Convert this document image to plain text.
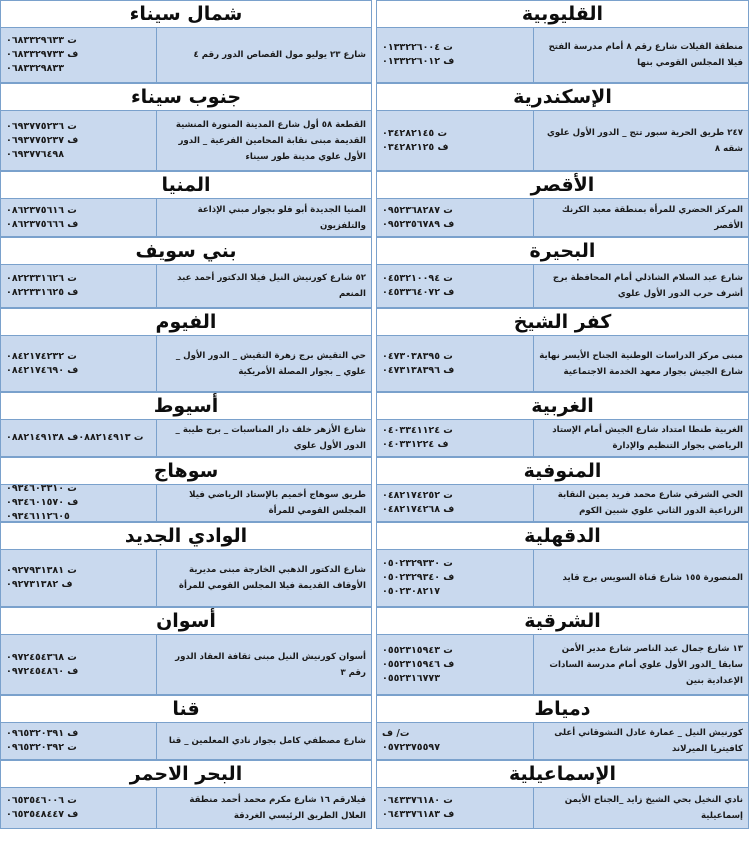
القليوبية
منطقة الفيلات شارع رقم ٨ أمام مدرسة الفتح فيلا المجلس القومي بنها
ت ٠١٣٣٢٢٦٠٠٤
ف ٠١٣٣٢٢٦٠١٢
الإسكندرية
٢٤٧ طريق الحرية سبور تتج _ الدور الأول علوي شقه ٨
ت ٠٣٤٢٨٢١٤٥
ف ٠٣٤٢٨٢١٢٥
الأقصر
المركز الحضري للمرأة بمنطقة معبد الكرنك الأقصر
ت ٠٩٥٢٣٦٨٢٨٧
ف ٠٩٥٢٣٥٦٧٨٩
البحيرة
شارع عبد السلام الشاذلي أمام المحافظة برج أشرف حرب الدور الأول علوي
ت ٠٤٥٣٢١٠٠٩٤
ف ٠٤٥٣٣٦٤٠٧٢
كفر الشيخ
مبنى مركز الدراسات الوطنية الجناح الأيسر نهاية شارع الجيش بجوار معهد الخدمة الاجتماعية
ت ٠٤٧٣٠٣٨٣٩٥
ف ٠٤٧٣١٣٨٣٩٦
الغربية
الغربية طنطا امتداد شارع الجيش أمام الإستاد الرياضي بجوار التنظيم والإدارة
ت ٠٤٠٣٣٤١١٢٤
ف ٠٤٠٣٣١٢٢٤
المنوفية
الحي الشرقي شارع محمد فريد يمين النقابة الزراعية الدور الثاني علوي شبين الكوم
ت ٠٤٨٢١٧٤٢٥٢
ف ٠٤٨٢١٧٤٢٦٨
الدقهلية
المنصورة ١٥٥ شارع قناة السويس برج قايد
ت ٠٥٠٢٣٢٩٣٣٠
ف ٠٥٠٢٣٢٩٣٤٠
٠٥٠٢٣٠٨٢١٧
الشرقية
١٣ شارع جمال عبد الناصر شارع مدير الأمن سابقا _الدور الأول علوي أمام مدرسة السادات الإعدادية بنين
ت ٠٥٥٢٣١٥٩٤٣
ف ٠٥٥٢٣١٥٩٤٦
٠٥٥٢٣١٦٧٧٣
دمياط
كورنيش النيل _ عمارة عادل التشوقاني أعلى كافيتريا الميرلاند
ت/ ف
٠٥٧٢٣٧٥٥٩٧
الإسماعيلية
نادي النخيل بحي الشيخ زايد _الجناح الأيمن إسماعيلية
ت ٠٦٤٣٣٧٦١٨٠
ف ٠٦٤٣٣٧٦١٨٣
شمال سيناء
شارع ٢٣ يوليو مول القصاص الدور رقم ٤
ت ٠٦٨٣٣٢٩٦٣٣
ف ٠٦٨٣٣٢٩٧٣٣
٠٦٨٣٣٢٩٨٣٣
جنوب سيناء
القطعة ٥٨ أول شارع المدينة المنورة المنشية القديمة مبنى نقابة المحامين الفرعية _ الدور الأول علوي مدينة طور سيناء
ت ٠٦٩٣٧٧٥٢٣٦
ف ٠٦٩٣٧٧٥٢٣٧
٠٦٩٣٧٧٦٤٩٨
المنيا
المنيا الجديدة أبو فلو بجوار مبني الإذاعة والتلفزيون
ت ٠٨٦٢٣٧٥٦١٦
ف ٠٨٦٢٣٧٥٦٦٦
بني سويف
٥٢ شارع كورنيش النيل فيلا الدكتور أحمد عبد المنعم
ت ٠٨٢٢٣٣١٦٢٦
ف ٠٨٢٢٣٣١٦٢٥
الفيوم
حي التقيش برج زهرة التقيش _ الدور الأول _ علوي _ بجوار المصلة الأمريكية
ت ٠٨٤٢١٧٤٢٣٢
ف ٠٨٤٢١٧٤٦٩٠
أسيوط
شارع الأزهر خلف دار المناسبات _ برج طيبة _ الدور الأول علوي
ت ٠٨٨٢١٤٩١٣ف ٠٨٨٢١٤٩١٣٨
سوهاج
طريق سوهاج أخميم بالإستاد الرياضي فيلا المجلس القومي للمرأة
ت ٠٩٣٤٦٠٣٣١٠
ف ٠٩٣٤٦٠١٥٧٠
٠٩٣٤٦١١٢٦٠٥
الوادي الجديد
شارع الدكتور الذهبي الخارجة مبنى مديرية الأوقاف القديمة فيلا المجلس القومي للمرأة
ت ٠٩٢٧٩٣١٣٨١
ف ٠٩٢٧٣١٣٨٢
أسوان
أسوان كورنيش النيل مبنى ثقافة العقاد الدور رقم ٣
ت ٠٩٧٢٤٥٤٣٦٨
ف ٠٩٧٢٤٥٤٨٦٠
قنا
شارع مصطفي كامل بجوار نادي المعلمين _ قنا
ف ٠٩٦٥٣٢٠٣٩١
ت ٠٩٦٥٣٢٠٣٩٢
البحر الاحمر
فيلارقم ١٦ شارع مكرم محمد أحمد منطقة العلال الطريق الرئيسي الغردقة
ت ٠٦٥٣٥٤٦٠٠٦
ف ٠٦٥٣٥٤٨٤٤٧
